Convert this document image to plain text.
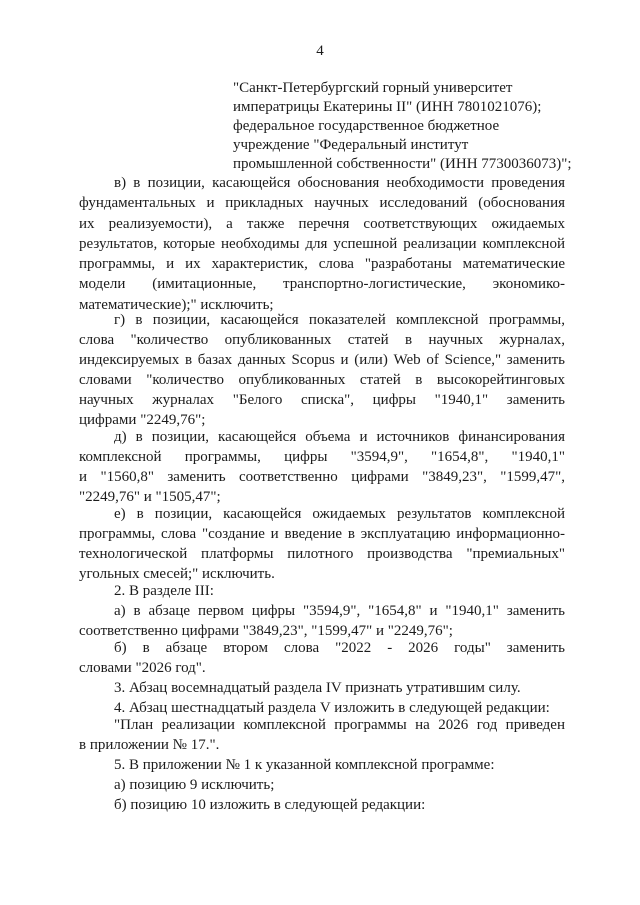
4
"Санкт-Петербургский горный университет
императрицы Екатерины II" (ИНН 7801021076);
федеральное государственное бюджетное
учреждение "Федеральный институт
промышленной собственности" (ИНН 7730036073)";
в) в позиции, касающейся обоснования необходимости проведения
фундаментальных и прикладных научных исследований (обоснования
их реализуемости), а также перечня соответствующих ожидаемых
результатов, которые необходимы для успешной реализации комплексной
программы, и их характеристик, слова "разработаны математические
модели (имитационные, транспортно-логистические, экономико-
математические);" исключить;
г) в позиции, касающейся показателей комплексной программы,
слова "количество опубликованных статей в научных журналах,
индексируемых в базах данных Scopus и (или) Web of Science," заменить
словами "количество опубликованных статей в высокорейтинговых
научных журналах "Белого списка", цифры "1940,1" заменить
цифрами "2249,76";
д) в позиции, касающейся объема и источников финансирования
комплексной программы, цифры "3594,9", "1654,8", "1940,1"
и "1560,8" заменить соответственно цифрами "3849,23", "1599,47",
"2249,76" и "1505,47";
е) в позиции, касающейся ожидаемых результатов комплексной
программы, слова "создание и введение в эксплуатацию информационно-
технологической платформы пилотного производства "премиальных"
угольных смесей;" исключить.
2. В разделе III:
а) в абзаце первом цифры "3594,9", "1654,8" и "1940,1" заменить
соответственно цифрами "3849,23", "1599,47" и "2249,76";
б) в абзаце втором слова "2022 - 2026 годы" заменить
словами "2026 год".
3. Абзац восемнадцатый раздела IV признать утратившим силу.
4. Абзац шестнадцатый раздела V изложить в следующей редакции:
"План реализации комплексной программы на 2026 год приведен
в приложении № 17.".
5. В приложении № 1 к указанной комплексной программе:
а) позицию 9 исключить;
б) позицию 10 изложить в следующей редакции:
